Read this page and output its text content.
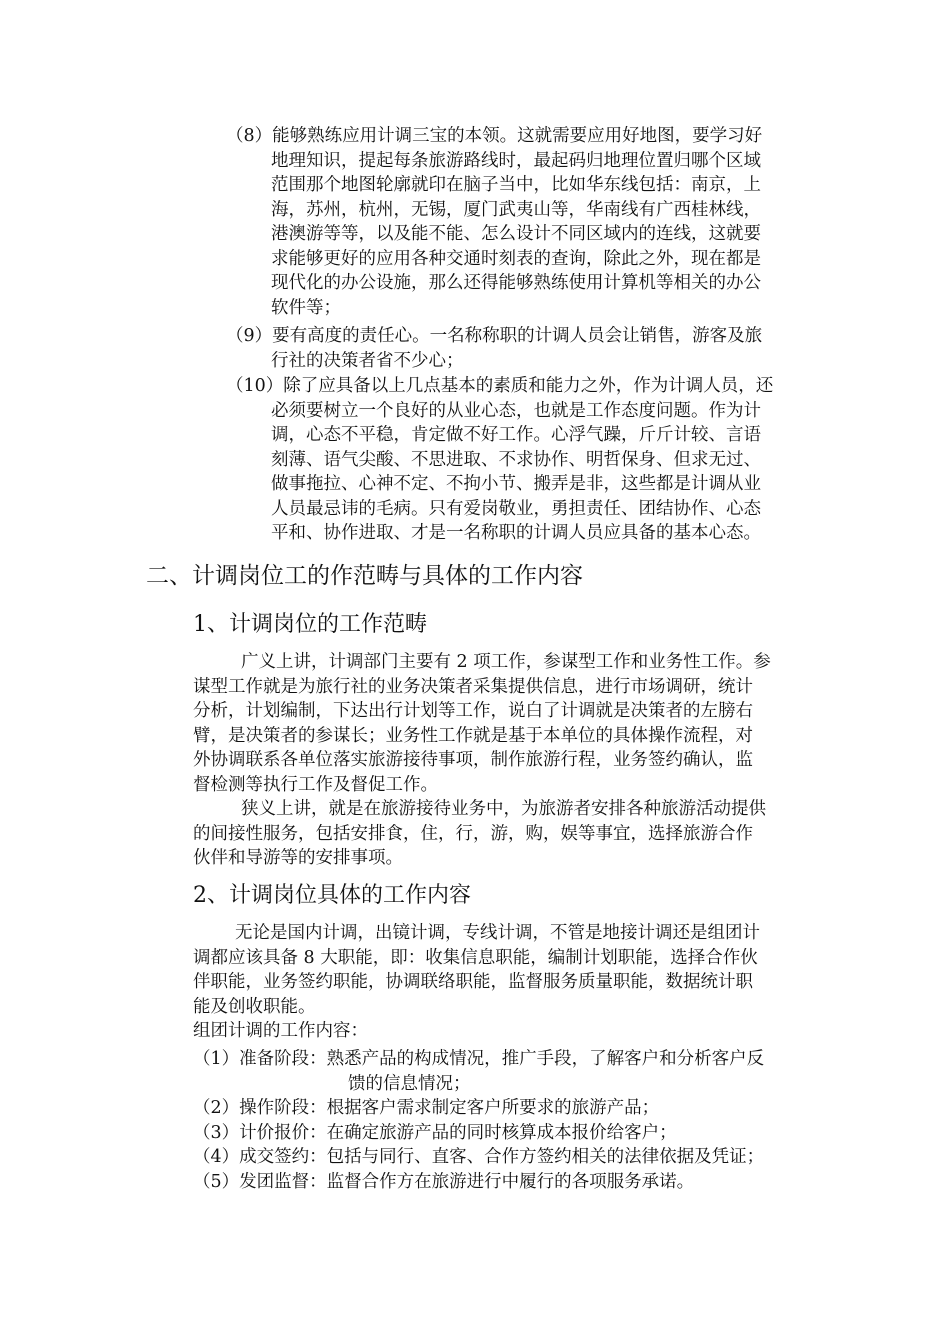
（8）能够熟练应用计调三宝的本领。这就需要应用好地图，要学习好
地理知识，提起每条旅游路线时，最起码归地理位置归哪个区域
范围那个地图轮廓就印在脑子当中，比如华东线包括：南京，上
海，苏州，杭州，无锡，厦门武夷山等，华南线有广西桂林线，
港澳游等等，以及能不能、怎么设计不同区域内的连线，这就要
求能够更好的应用各种交通时刻表的查询，除此之外，现在都是
现代化的办公设施，那么还得能够熟练使用计算机等相关的办公
软件等；
（9）要有高度的责任心。一名称称职的计调人员会让销售，游客及旅
行社的决策者省不少心；
（10）除了应具备以上几点基本的素质和能力之外，作为计调人员，还
必须要树立一个良好的从业心态，也就是工作态度问题。作为计
调，心态不平稳，肯定做不好工作。心浮气躁，斤斤计较、言语
刻薄、语气尖酸、不思进取、不求协作、明哲保身、但求无过、
做事拖拉、心神不定、不拘小节、搬弄是非，这些都是计调从业
人员最忌讳的毛病。只有爱岗敬业，勇担责任、团结协作、心态
平和、协作进取、才是一名称职的计调人员应具备的基本心态。
二、计调岗位工的作范畴与具体的工作内容
1、计调岗位的工作范畴
广义上讲，计调部门主要有 2 项工作，参谋型工作和业务性工作。参
谋型工作就是为旅行社的业务决策者采集提供信息，进行市场调研，统计
分析，计划编制，下达出行计划等工作，说白了计调就是决策者的左膀右
臂，是决策者的参谋长；业务性工作就是基于本单位的具体操作流程，对
外协调联系各单位落实旅游接待事项，制作旅游行程，业务签约确认，监
督检测等执行工作及督促工作。
狭义上讲，就是在旅游接待业务中，为旅游者安排各种旅游活动提供
的间接性服务，包括安排食，住，行，游，购，娱等事宜，选择旅游合作
伙伴和导游等的安排事项。
2、计调岗位具体的工作内容
无论是国内计调，出镜计调，专线计调，不管是地接计调还是组团计
调都应该具备 8 大职能，即：收集信息职能，编制计划职能，选择合作伙
伴职能，业务签约职能，协调联络职能，监督服务质量职能，数据统计职
能及创收职能。
组团计调的工作内容：
（1）准备阶段：熟悉产品的构成情况，推广手段，了解客户和分析客户反
馈的信息情况；
（2）操作阶段：根据客户需求制定客户所要求的旅游产品；
（3）计价报价：在确定旅游产品的同时核算成本报价给客户；
（4）成交签约：包括与同行、直客、合作方签约相关的法律依据及凭证；
（5）发团监督：监督合作方在旅游进行中履行的各项服务承诺。
